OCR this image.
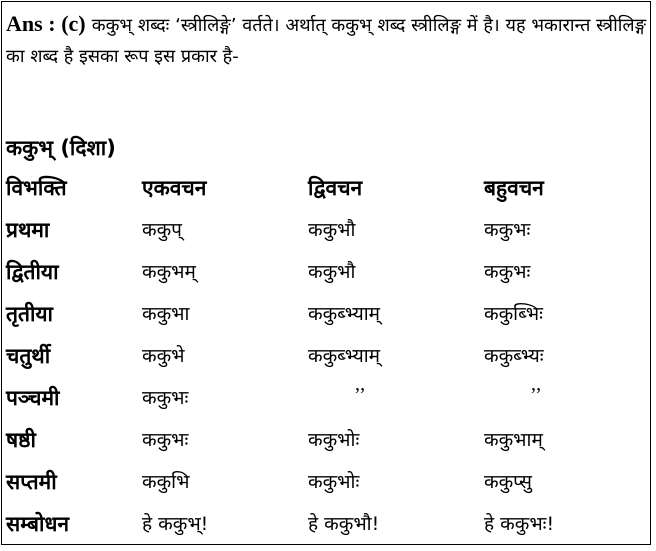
Ans : (c) ककुभ् शब्दः ‘स्त्रीलिङ्गे’ वर्तते। अर्थात् ककुभ् शब्द स्त्रीलिङ्ग में है। यह भकारान्त स्त्रीलिङ्ग का शब्द है इसका रूप इस प्रकार है-
ककुभ् (दिशा)
विभक्ति	एकवचन	द्विवचन	बहुवचन
प्रथमा	ककुप्	ककुभौ	ककुभः
द्वितीया	ककुभम्	ककुभौ	ककुभः
तृतीया	ककुभा	ककुब्भ्याम्	ककुब्भिः
चतुर्थी	ककुभे	ककुब्भ्याम्	ककुब्भ्यः
पञ्चमी	ककुभः	’’	’’
षष्ठी	ककुभः	ककुभोः	ककुभाम्
सप्तमी	ककुभि	ककुभोः	ककुप्सु
सम्बोधन	हे ककुभ्!	हे ककुभौ!	हे ककुभः!
